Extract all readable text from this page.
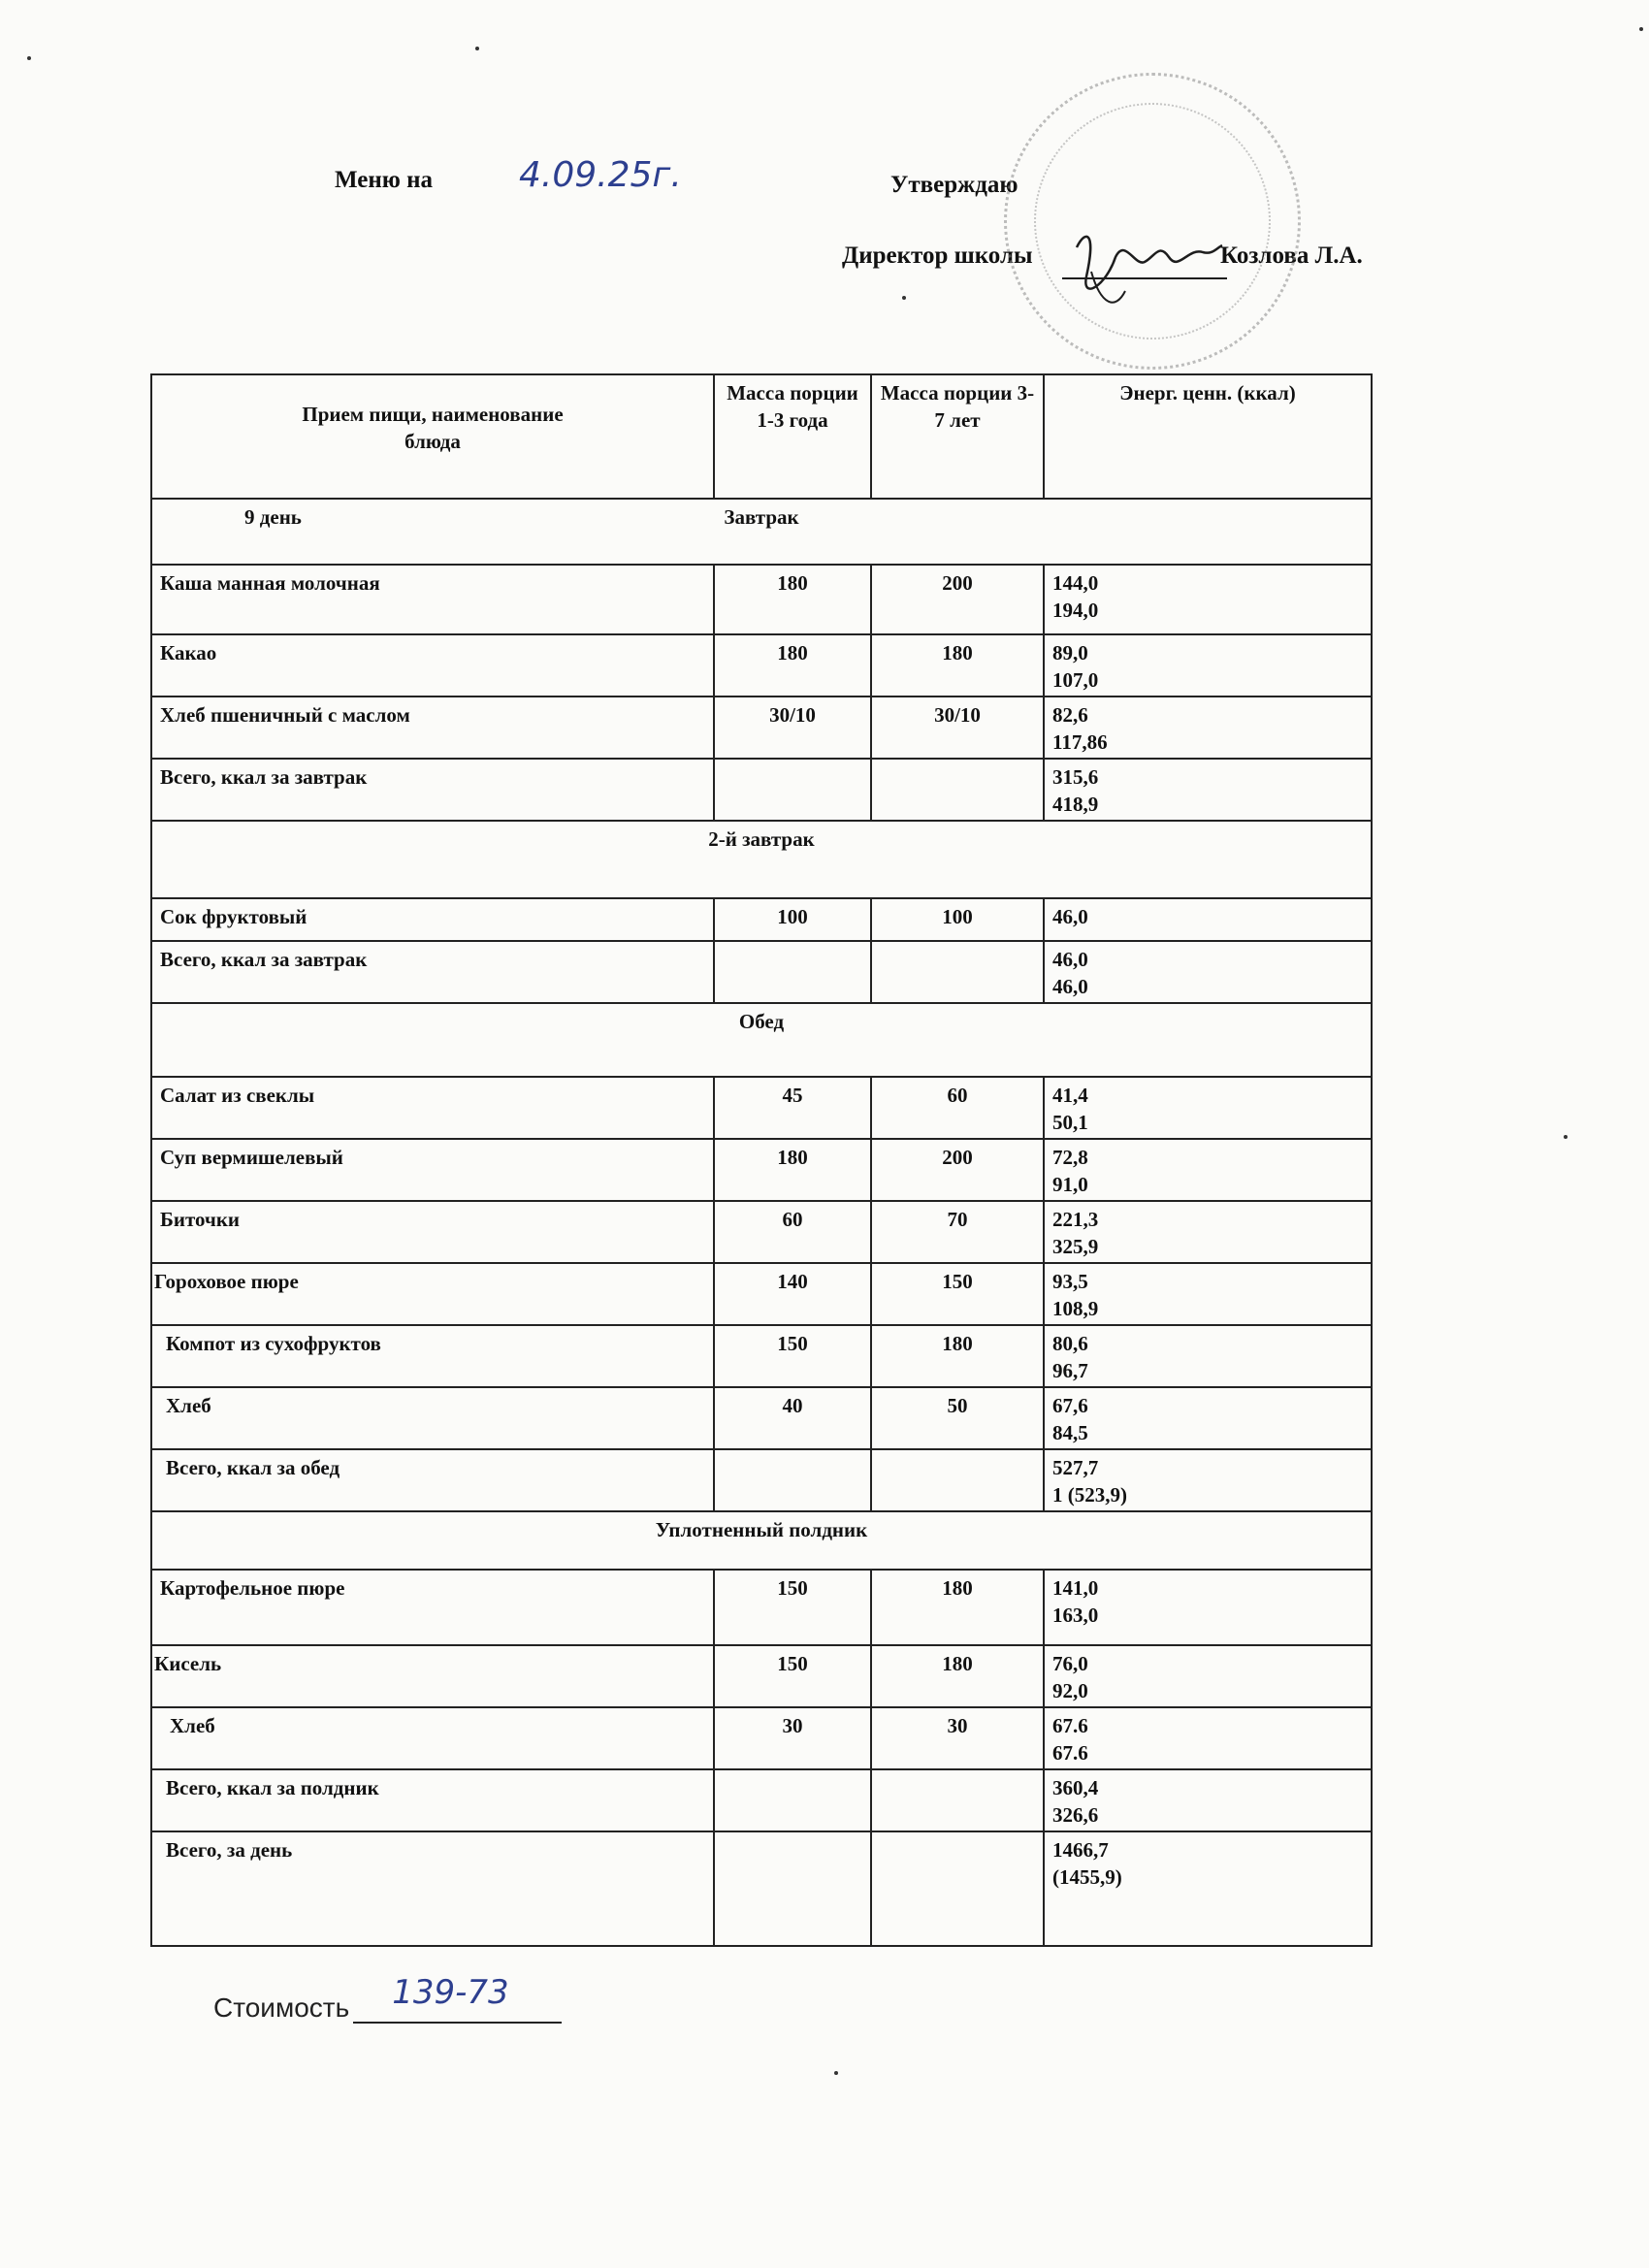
Меню на 4.09.25г.	Утверждаю
Директор школы	Козлова Л.А.
Прием пищи, наименование блюда	Масса порции 1-3 года	Масса порции 3-7 лет	Энерг. ценн. (ккал)

9 день Завтрак			
Каша манная молочная	180	200	144,0
194,0

Какао	180	180	89,0
107,0

Хлеб пшеничный с маслом	30/10	30/10	82,6
117,86

Всего, ккал за завтрак			315,6
418,9

2-й завтрак			
Сок фруктовый	100	100	46,0

Всего, ккал за завтрак			46,0
46,0

Обед			
Салат из свеклы	45	60	41,4
50,1

Суп вермишелевый	180	200	72,8
91,0

Биточки	60	70	221,3
325,9

Гороховое пюре	140	150	93,5
108,9

Компот из сухофруктов	150	180	80,6
96,7

Хлеб	40	50	67,6
84,5

Всего, ккал за обед			527,7
1 (523,9)

Уплотненный полдник			
Картофельное пюре	150	180	141,0
163,0

Кисель	150	180	76,0
92,0

Хлеб	30	30	67.6
67.6

Всего, ккал за полдник			360,4
326,6

Всего, за день			1466,7
(1455,9)
Стоимость 139-73
